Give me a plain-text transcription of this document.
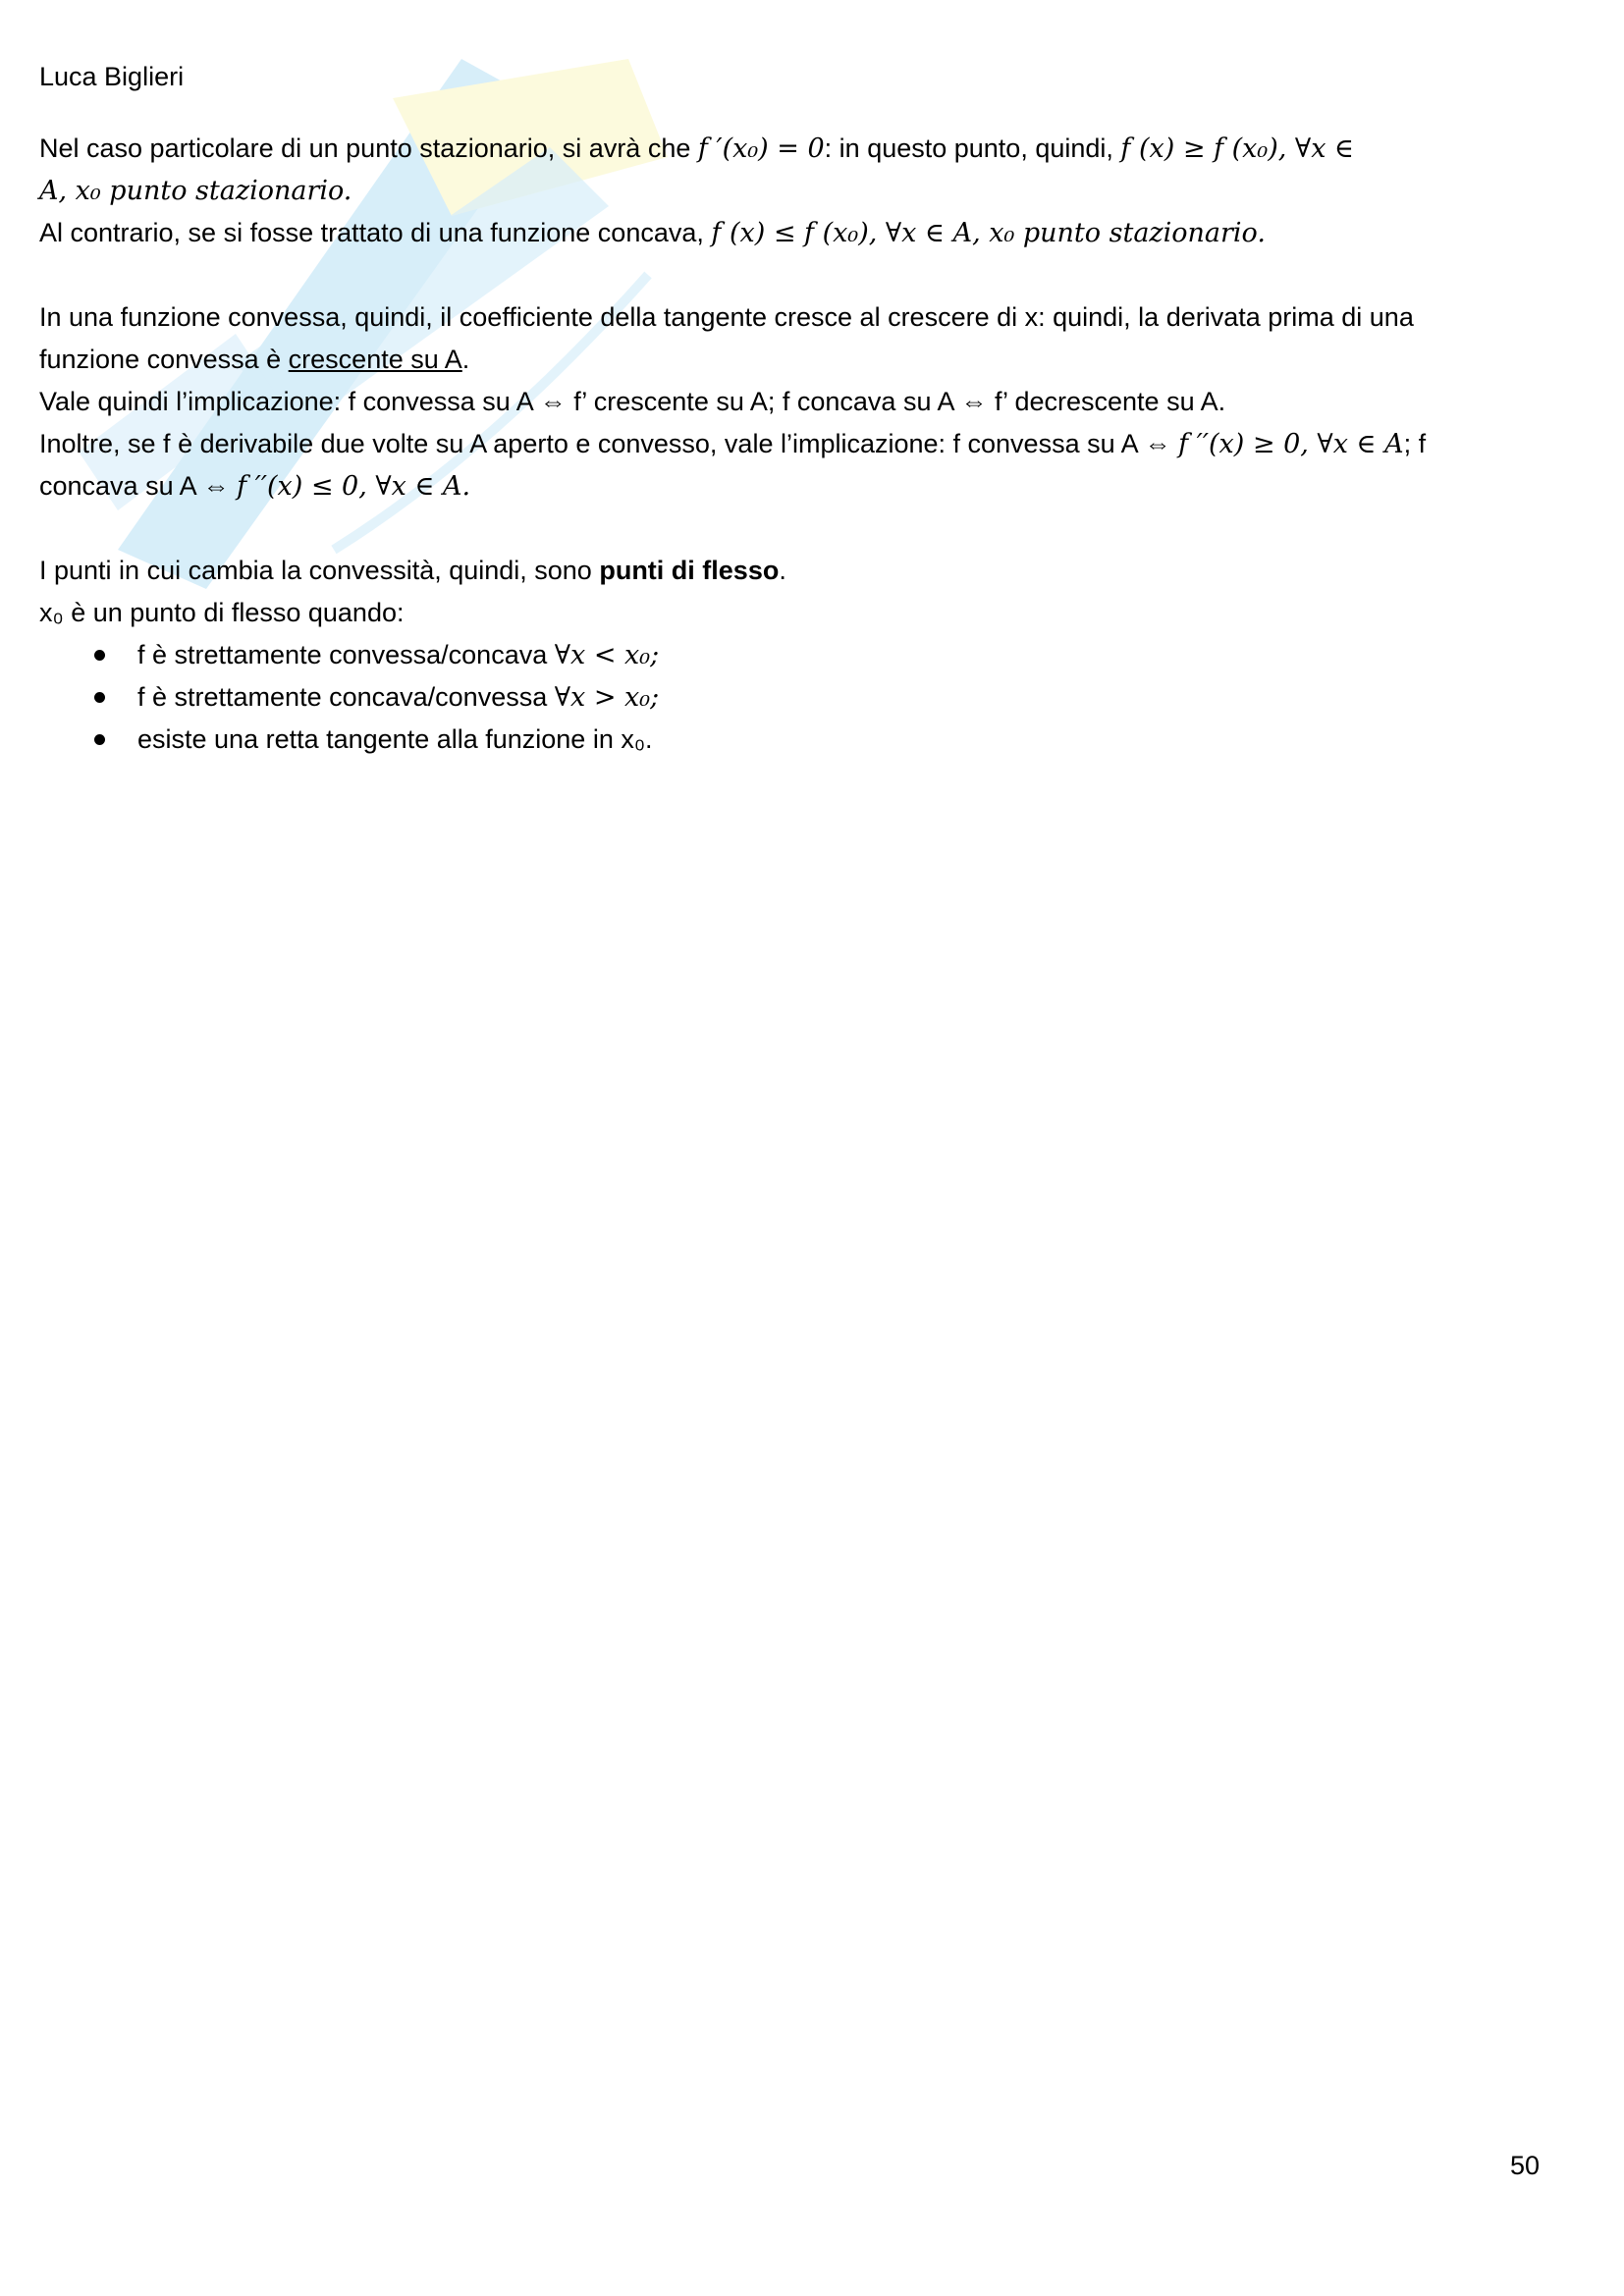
Luca Biglieri

Nel caso particolare di un punto stazionario, si avrà che f ′(x₀) = 0: in questo punto, quindi, f (x) ≥ f (x₀), ∀x ∈

A, x₀ punto stazionario.

Al contrario, se si fosse trattato di una funzione concava, f (x) ≤ f (x₀), ∀x ∈ A, x₀ punto stazionario.

In una funzione convessa, quindi, il coefficiente della tangente cresce al crescere di x: quindi, la derivata prima di una

funzione convessa è crescente su A.

Vale quindi l’implicazione: f convessa su A ⇔ f’ crescente su A; f concava su A ⇔ f’ decrescente su A.

Inoltre, se f è derivabile due volte su A aperto e convesso, vale l’implicazione: f convessa su A ⇔ f ′′(x) ≥ 0, ∀x ∈ A; f

concava su A ⇔ f ′′(x) ≤ 0, ∀x ∈ A.

I punti in cui cambia la convessità, quindi, sono punti di flesso.

x₀ è un punto di flesso quando:

f è strettamente convessa/concava ∀x < x₀;
f è strettamente concava/convessa ∀x > x₀;
esiste una retta tangente alla funzione in x₀.
50
